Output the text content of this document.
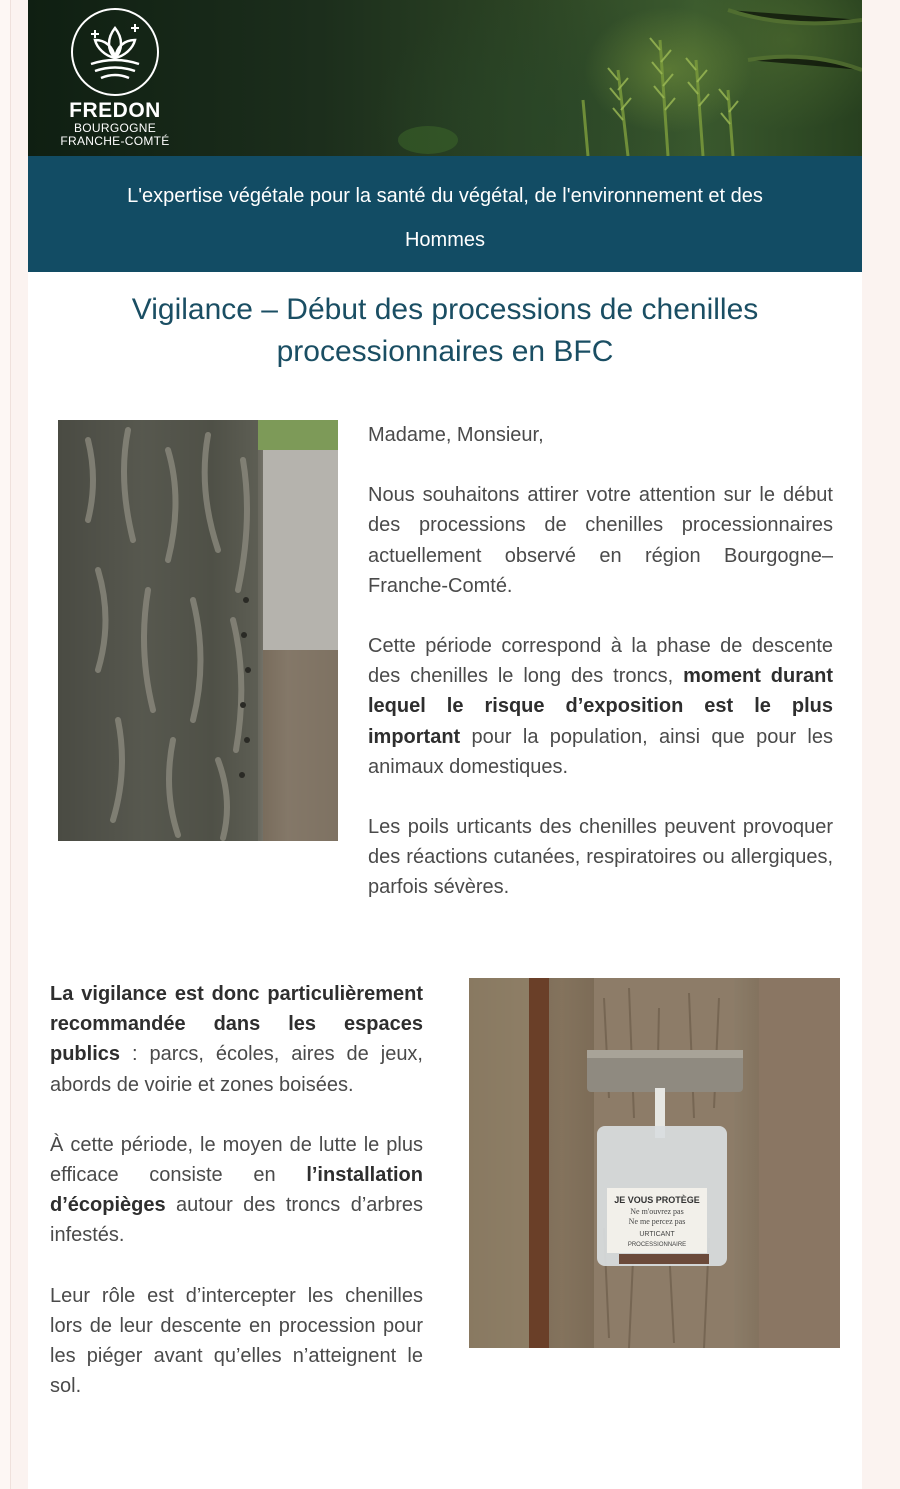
FREDON
BOURGOGNE
FRANCHE-COMTÉ
L'expertise végétale pour la santé du végétal, de l'environnement et des Hommes
Vigilance – Début des processions de chenilles processionnaires en BFC

Madame, Monsieur,

Nous souhaitons attirer votre attention sur le début des processions de chenilles processionnaires actuellement observé en région Bourgogne–Franche-Comté.

Cette période correspond à la phase de descente des chenilles le long des troncs, moment durant lequel le risque d’exposition est le plus important pour la population, ainsi que pour les animaux domestiques.

Les poils urticants des chenilles peuvent provoquer des réactions cutanées, respiratoires ou allergiques, parfois sévères.

La vigilance est donc particulièrement recommandée dans les espaces publics : parcs, écoles, aires de jeux, abords de voirie et zones boisées.

À cette période, le moyen de lutte le plus efficace consiste en l’installation d’écopièges autour des troncs d’arbres infestés.

Leur rôle est d’intercepter les chenilles lors de leur descente en procession pour les piéger avant qu’elles n’atteignent le sol.

JE VOUS PROTÈGE
Ne m'ouvrez pas
Ne me percez pas
URTICANT
PROCESSIONNAIRE
